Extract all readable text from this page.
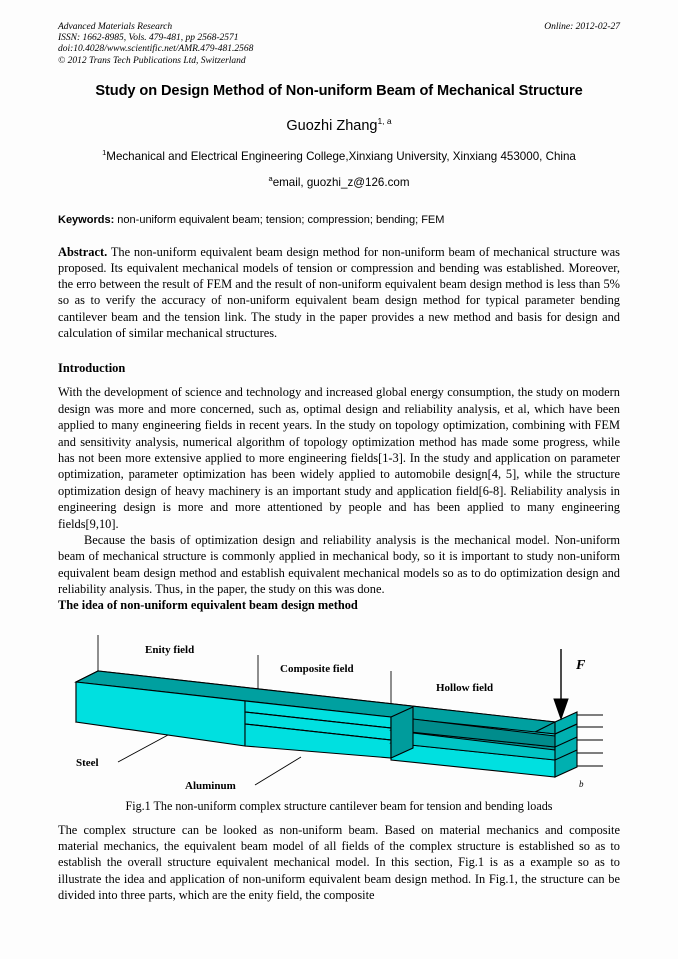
Advanced Materials Research
ISSN: 1662-8985, Vols. 479-481, pp 2568-2571
doi:10.4028/www.scientific.net/AMR.479-481.2568
© 2012 Trans Tech Publications Ltd, Switzerland
Online: 2012-02-27
Study on Design Method of Non-uniform Beam of Mechanical Structure
Guozhi Zhang$^{1, a}$
$^1$Mechanical and Electrical Engineering College,Xinxiang University, Xinxiang 453000, China
$^a$email, guozhi_z@126.com
Keywords: non-uniform equivalent beam; tension; compression; bending; FEM
Abstract. The non-uniform equivalent beam design method for non-uniform beam of mechanical structure was proposed. Its equivalent mechanical models of tension or compression and bending was established. Moreover, the erro between the result of FEM and the result of non-uniform equivalent beam design method is less than 5% so as to verify the accuracy of non-uniform equivalent beam design method for typical parameter bending cantilever beam and the tension link. The study in the paper provides a new method and basis for design and calculation of similar mechanical structures.
Introduction
With the development of science and technology and increased global energy consumption, the study on modern design was more and more concerned, such as, optimal design and reliability analysis, et al, which have been applied to many engineering fields in recent years. In the study on topology optimization, combining with FEM and sensitivity analysis, numerical algorithm of topology optimization method has made some progress, while has not been more extensive applied to more engineering fields[1-3]. In the study and application on parameter optimization, parameter optimization has been widely applied to automobile design[4, 5], while the structure optimization design of heavy machinery is an important study and application field[6-8]. Reliability analysis in engineering design is more and more attentioned by people and has been applied to many engineering fields[9,10].
Because the basis of optimization design and reliability analysis is the mechanical model. Non-uniform beam of mechanical structure is commonly applied in mechanical body, so it is important to study non-uniform equivalent beam design method and establish equivalent mechanical models so as to do optimization design and reliability analysis. Thus, in the paper, the study on this was done.
The idea of non-uniform equivalent beam design method
F
b
Enity field
Composite field
Hollow field
Steel
Aluminum
Fig.1 The non-uniform complex structure cantilever beam for tension and bending loads
The complex structure can be looked as non-uniform beam. Based on material mechanics and composite material mechanics, the equivalent beam model of all fields of the complex structure is established so as to establish the overall structure equivalent mechanical model. In this section, Fig.1 is as a example so as to illustrate the idea and application of non-uniform equivalent beam design method. In Fig.1, the structure can be divided into three parts, which are the enity field, the composite
